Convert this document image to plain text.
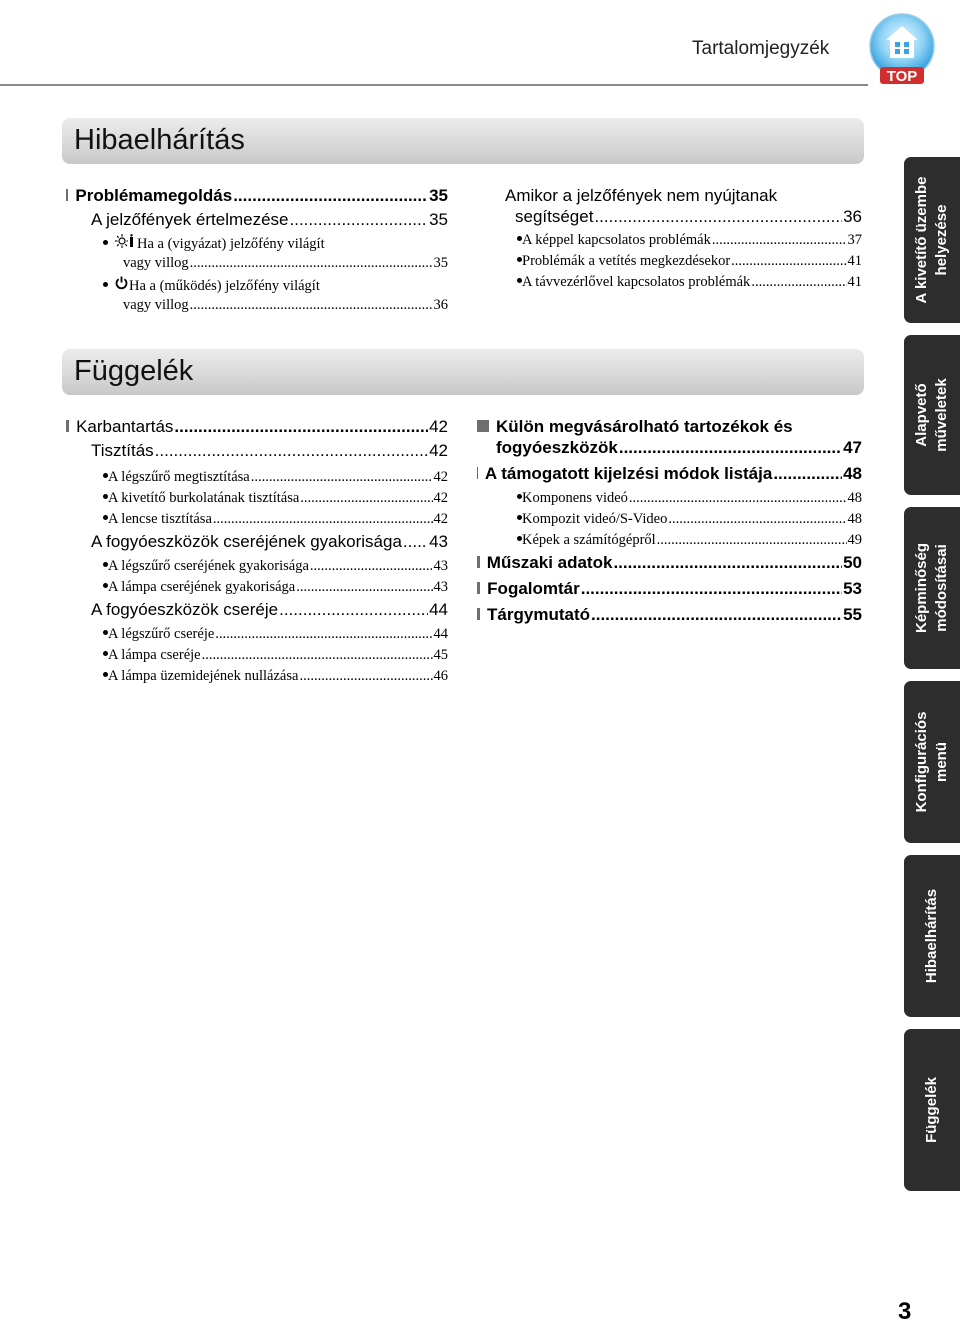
Tartalomjegyzék
TOP
Hibaelhárítás
Problémamegoldás .....	35
A jelzőfények értelmezése .....	35
Ha a (vigyázat) jelzőfény világít
vagy villog .....	35
Ha a (működés) jelzőfény világít
vagy villog .....	36
Amikor a jelzőfények nem nyújtanak
segítséget .....	36
A képpel kapcsolatos problémák .....	37
Problémák a vetítés megkezdésekor .....	41
A távvezérlővel kapcsolatos problémák .....	41
Függelék
Karbantartás .....	42
Tisztítás .....	42
A légszűrő megtisztítása .....	42
A kivetítő burkolatának tisztítása .....	42
A lencse tisztítása .....	42
A fogyóeszközök cseréjének gyakorisága ..... 43
A légszűrő cseréjének gyakorisága .....	43
A lámpa cseréjének gyakorisága .....	43
A fogyóeszközök cseréje .....	44
A légszűrő cseréje .....	44
A lámpa cseréje .....	45
A lámpa üzemidejének nullázása .....	46
Külön megvásárolható tartozékok és
fogyóeszközök .....	47
A támogatott kijelzési módok listája .....	48
Komponens videó .....	48
Kompozit videó/S-Video .....	48
Képek a számítógépről .....	49
Műszaki adatok .....	50
Fogalomtár .....	53
Tárgymutató .....	55
A kivetítő üzembe helyezése
Alapvető műveletek
Képminőség módosításai
Konfigurációs menü
Hibaelhárítás
Függelék
3
